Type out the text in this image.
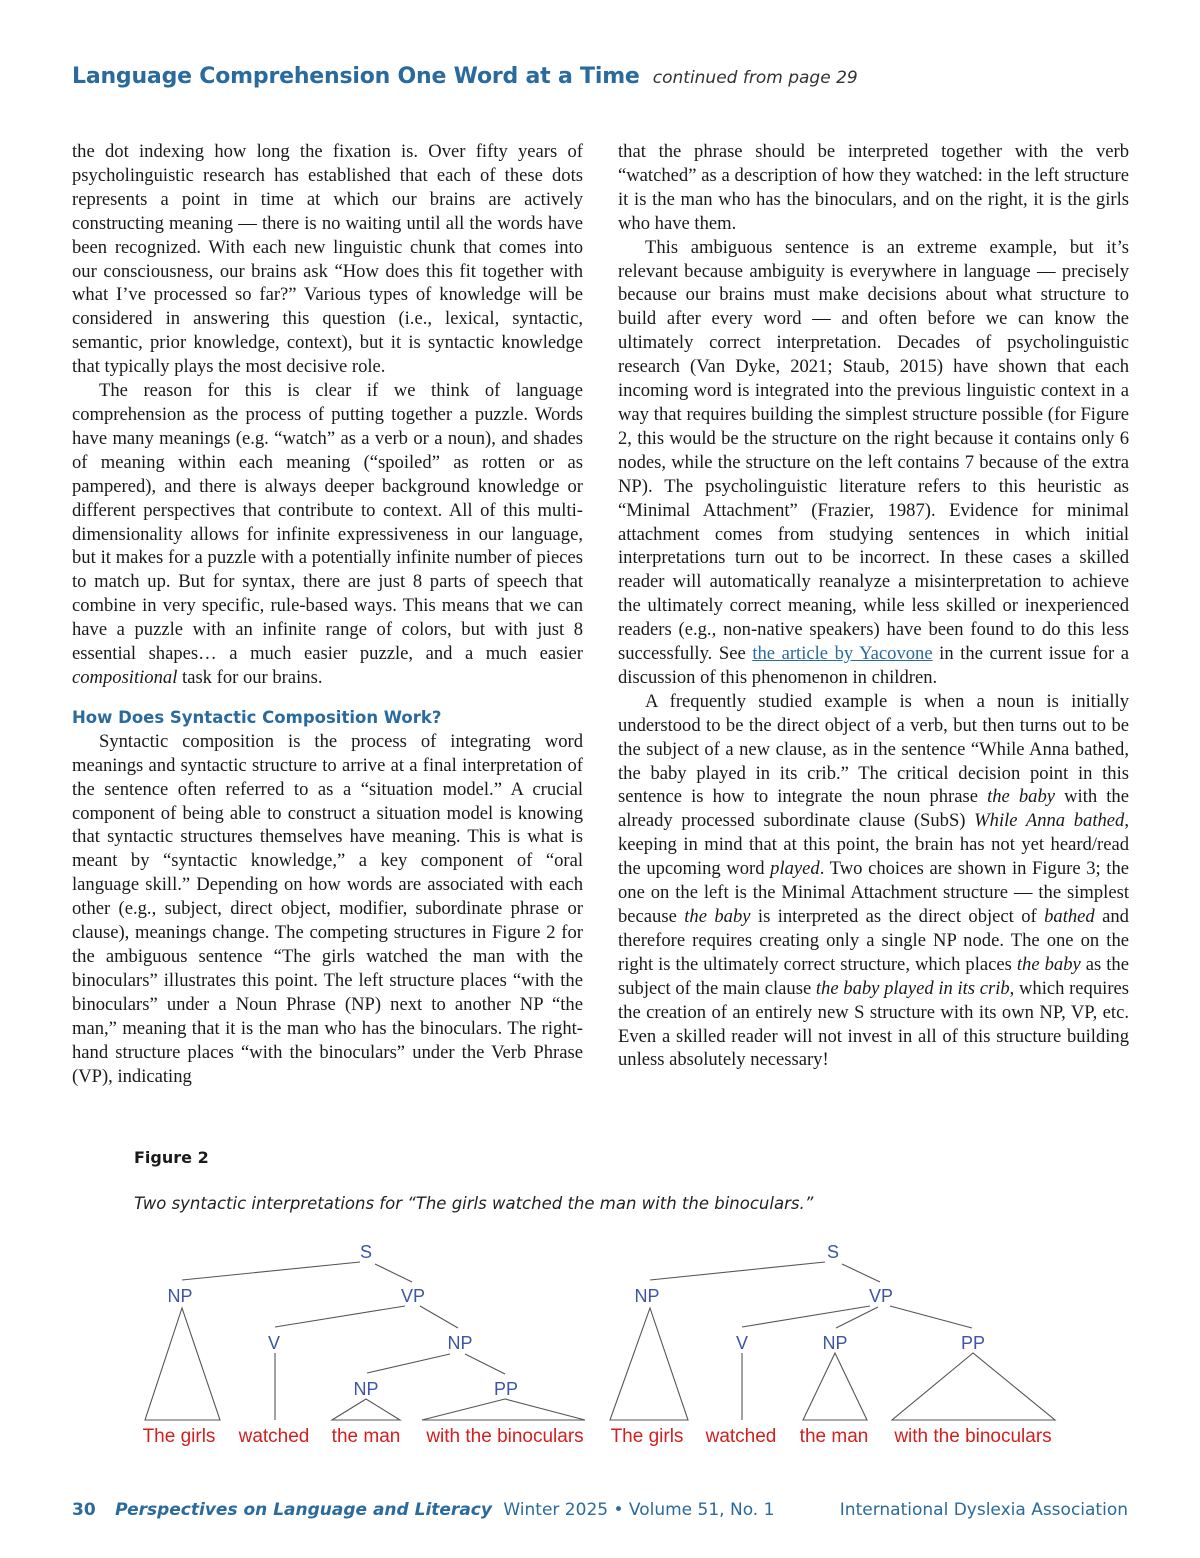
Language Comprehension One Word at a Time continued from page 29

the dot indexing how long the fixation is. Over fifty years of psycholinguistic research has established that each of these dots represents a point in time at which our brains are actively constructing meaning — there is no waiting until all the words have been recognized. With each new linguistic chunk that comes into our consciousness, our brains ask “How does this fit together with what I’ve processed so far?” Various types of knowledge will be considered in answering this question (i.e., lexical, syntactic, semantic, prior knowledge, context), but it is syntactic knowledge that typically plays the most decisive role.

The reason for this is clear if we think of language comprehension as the process of putting together a puzzle. Words have many meanings (e.g. “watch” as a verb or a noun), and shades of meaning within each meaning (“spoiled” as rotten or as pampered), and there is always deeper background knowledge or different perspectives that contribute to context. All of this multi-dimensionality allows for infinite expressiveness in our language, but it makes for a puzzle with a potentially infinite number of pieces to match up. But for syntax, there are just 8 parts of speech that combine in very specific, rule-based ways. This means that we can have a puzzle with an infinite range of colors, but with just 8 essential shapes… a much easier puzzle, and a much easier compositional task for our brains.

How Does Syntactic Composition Work?

Syntactic composition is the process of integrating word meanings and syntactic structure to arrive at a final interpretation of the sentence often referred to as a “situation model.” A crucial component of being able to construct a situation model is knowing that syntactic structures themselves have meaning. This is what is meant by “syntactic knowledge,” a key component of “oral language skill.” Depending on how words are associated with each other (e.g., subject, direct object, modifier, subordinate phrase or clause), meanings change. The competing structures in Figure 2 for the ambiguous sentence “The girls watched the man with the binoculars” illustrates this point. The left structure places “with the binoculars” under a Noun Phrase (NP) next to another NP “the man,” meaning that it is the man who has the binoculars. The right-hand structure places “with the binoculars” under the Verb Phrase (VP), indicating

that the phrase should be interpreted together with the verb “watched” as a description of how they watched: in the left structure it is the man who has the binoculars, and on the right, it is the girls who have them.

This ambiguous sentence is an extreme example, but it’s relevant because ambiguity is everywhere in language — precisely because our brains must make decisions about what structure to build after every word — and often before we can know the ultimately correct interpretation. Decades of psycholinguistic research (Van Dyke, 2021; Staub, 2015) have shown that each incoming word is integrated into the previous linguistic context in a way that requires building the simplest structure possible (for Figure 2, this would be the structure on the right because it contains only 6 nodes, while the structure on the left contains 7 because of the extra NP). The psycholinguistic literature refers to this heuristic as “Minimal Attachment” (Frazier, 1987). Evidence for minimal attachment comes from studying sentences in which initial interpretations turn out to be incorrect. In these cases a skilled reader will automatically reanalyze a misinterpretation to achieve the ultimately correct meaning, while less skilled or inexperienced readers (e.g., non-native speakers) have been found to do this less successfully. See the article by Yacovone in the current issue for a discussion of this phenomenon in children.

A frequently studied example is when a noun is initially understood to be the direct object of a verb, but then turns out to be the subject of a new clause, as in the sentence “While Anna bathed, the baby played in its crib.” The critical decision point in this sentence is how to integrate the noun phrase the baby with the already processed subordinate clause (SubS) While Anna bathed, keeping in mind that at this point, the brain has not yet heard/read the upcoming word played. Two choices are shown in Figure 3; the one on the left is the Minimal Attachment structure — the simplest because the baby is interpreted as the direct object of bathed and therefore requires creating only a single NP node. The one on the right is the ultimately correct structure, which places the baby as the subject of the main clause the baby played in its crib, which requires the creation of an entirely new S structure with its own NP, VP, etc. Even a skilled reader will not invest in all of this structure building unless absolutely necessary!

Figure 2
Two syntactic interpretations for “The girls watched the man with the binoculars.”
S
NP	VP
V	NP
NP	PP
The girls watched the man with the binoculars
S
NP	VP
V	NP	PP
The girls watched the man with the binoculars
30 Perspectives on Language and Literacy Winter 2025 • Volume 51, No. 1	International Dyslexia Association
